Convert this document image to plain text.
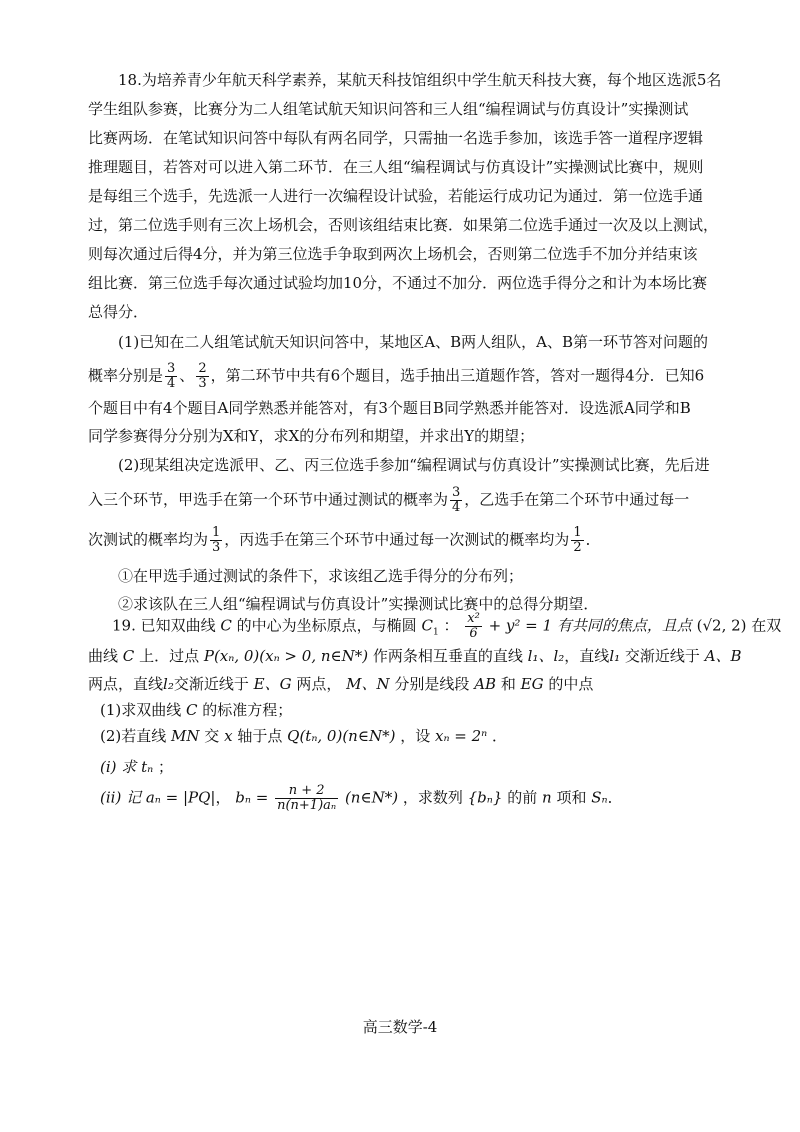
18.为培养青少年航天科学素养，某航天科技馆组织中学生航天科技大赛，每个地区选派5名
学生组队参赛，比赛分为二人组笔试航天知识问答和三人组“编程调试与仿真设计”实操测试
比赛两场．在笔试知识问答中每队有两名同学，只需抽一名选手参加，该选手答一道程序逻辑
推理题目，若答对可以进入第二环节．在三人组“编程调试与仿真设计”实操测试比赛中，规则
是每组三个选手，先选派一人进行一次编程设计试验，若能运行成功记为通过．第一位选手通
过，第二位选手则有三次上场机会，否则该组结束比赛．如果第二位选手通过一次及以上测试，
则每次通过后得4分，并为第三位选手争取到两次上场机会，否则第二位选手不加分并结束该
组比赛．第三位选手每次通过试验均加10分，不通过不加分．两位选手得分之和计为本场比赛
总得分．
(1)已知在二人组笔试航天知识问答中，某地区A、B两人组队，A、B第一环节答对问题的
概率分别是 $\frac{3}{4}$ 、 $\frac{2}{3}$ ，第二环节中共有6个题目，选手抽出三道题作答，答对一题得4分．已知6
个题目中有4个题目A同学熟悉并能答对，有3个题目B同学熟悉并能答对．设选派A同学和B
同学参赛得分分别为X和Y，求X的分布列和期望，并求出Y的期望；
(2)现某组决定选派甲、乙、丙三位选手参加“编程调试与仿真设计”实操测试比赛，先后进
入三个环节，甲选手在第一个环节中通过测试的概率为 $\frac{3}{4}$ ，乙选手在第二个环节中通过每一
次测试的概率均为 $\frac{1}{3}$ ，丙选手在第三个环节中通过每一次测试的概率均为 $\frac{1}{2}$ ．
①在甲选手通过测试的条件下，求该组乙选手得分的分布列；
②求该队在三人组“编程调试与仿真设计”实操测试比赛中的总得分期望．
19. 已知双曲线 C 的中心为坐标原点，与椭圆 $C_1$ ： $\frac{\text{x²}}{6} + y^2 = 1$ 有共同的焦点，且点 (√2, 2) 在双
曲线 C 上．过点 P(xₙ, 0)(xₙ > 0, n∈N*) 作两条相互垂直的直线 l₁、l₂，直线l₁ 交渐近线于 A、B
两点，直线l₂交渐近线于 E、G 两点， M、N 分别是线段 AB 和 EG 的中点
(1)求双曲线 C 的标准方程；
(2)若直线 MN 交 x 轴于点 Q(tₙ, 0)(n∈N*) ，设 xₙ = 2ⁿ ．
(i) 求 tₙ ；
(ii) 记 aₙ = |PQ|， $b_n = \frac{n + 2}{\text{n(n+1)aₙ}}$ (n∈N*) ，求数列 {bₙ} 的前 n 项和 Sₙ．
高三数学-4
